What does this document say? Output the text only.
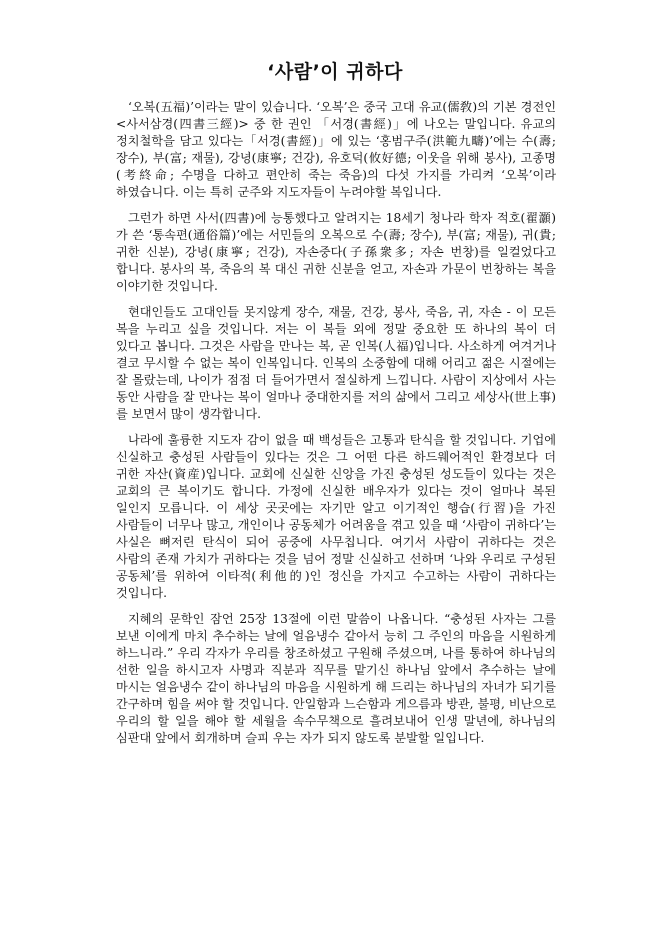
‘사람’이 귀하다

‘오복(五福)’이라는 말이 있습니다. ‘오복’은 중국 고대 유교(儒敎)의 기본 경전인 <사서삼경(四書三經)> 중 한 권인 「서경(書經)」에 나오는 말입니다. 유교의 정치철학을 담고 있다는「서경(書經)」에 있는 ‘홍범구주(洪範九疇)’에는 수(壽; 장수), 부(富; 재물), 강녕(康寧; 건강), 유호덕(攸好德; 이웃을 위해 봉사), 고종명(考終命; 수명을 다하고 편안히 죽는 죽음)의 다섯 가지를 가리켜 ‘오복’이라 하였습니다. 이는 특히 군주와 지도자들이 누려야할 복입니다.

그런가 하면 사서(四書)에 능통했다고 알려지는 18세기 청나라 학자 적호(翟灝)가 쓴 ‘통속편(通俗篇)’에는 서민들의 오복으로 수(壽; 장수), 부(富; 재물), 귀(貴; 귀한 신분), 강녕(康寧; 건강), 자손중다(子孫衆多; 자손 번창)를 일컬었다고 합니다. 봉사의 복, 죽음의 복 대신 귀한 신분을 얻고, 자손과 가문이 번창하는 복을 이야기한 것입니다.

현대인들도 고대인들 못지않게 장수, 재물, 건강, 봉사, 죽음, 귀, 자손 - 이 모든 복을 누리고 싶을 것입니다. 저는 이 복들 외에 정말 중요한 또 하나의 복이 더 있다고 봅니다. 그것은 사람을 만나는 복, 곧 인복(人福)입니다. 사소하게 여겨거나 결코 무시할 수 없는 복이 인복입니다. 인복의 소중함에 대해 어리고 젊은 시절에는 잘 몰랐는데, 나이가 점점 더 들어가면서 절실하게 느낍니다. 사람이 지상에서 사는 동안 사람을 잘 만나는 복이 얼마나 중대한지를 저의 삶에서 그리고 세상사(世上事)를 보면서 많이 생각합니다.

나라에 훌륭한 지도자 감이 없을 때 백성들은 고통과 탄식을 할 것입니다. 기업에 신실하고 충성된 사람들이 있다는 것은 그 어떤 다른 하드웨어적인 환경보다 더 귀한 자산(資産)입니다. 교회에 신실한 신앙을 가진 충성된 성도들이 있다는 것은 교회의 큰 복이기도 합니다. 가정에 신실한 배우자가 있다는 것이 얼마나 복된 일인지 모릅니다. 이 세상 곳곳에는 자기만 알고 이기적인 행습(行習)을 가진 사람들이 너무나 많고, 개인이나 공동체가 어려움을 겪고 있을 때 ‘사람이 귀하다’는 사실은 뼈저린 탄식이 되어 공중에 사무칩니다. 여기서 사람이 귀하다는 것은 사람의 존재 가치가 귀하다는 것을 넘어 정말 신실하고 선하며 ‘나와 우리로 구성된 공동체’를 위하여 이타적(利他的)인 정신을 가지고 수고하는 사람이 귀하다는 것입니다.

지혜의 문학인 잠언 25장 13절에 이런 말씀이 나옵니다. “충성된 사자는 그를 보낸 이에게 마치 추수하는 날에 얼음냉수 같아서 능히 그 주인의 마음을 시원하게 하느니라.” 우리 각자가 우리를 창조하셨고 구원해 주셨으며, 나를 통하여 하나님의 선한 일을 하시고자 사명과 직분과 직무를 맡기신 하나님 앞에서 추수하는 날에 마시는 얼음냉수 같이 하나님의 마음을 시원하게 해 드리는 하나님의 자녀가 되기를 간구하며 힘을 써야 할 것입니다. 안일함과 느슨함과 게으름과 방관, 불평, 비난으로 우리의 할 일을 해야 할 세월을 속수무책으로 흘려보내어 인생 말년에, 하나님의 심판대 앞에서 회개하며 슬피 우는 자가 되지 않도록 분발할 일입니다.
